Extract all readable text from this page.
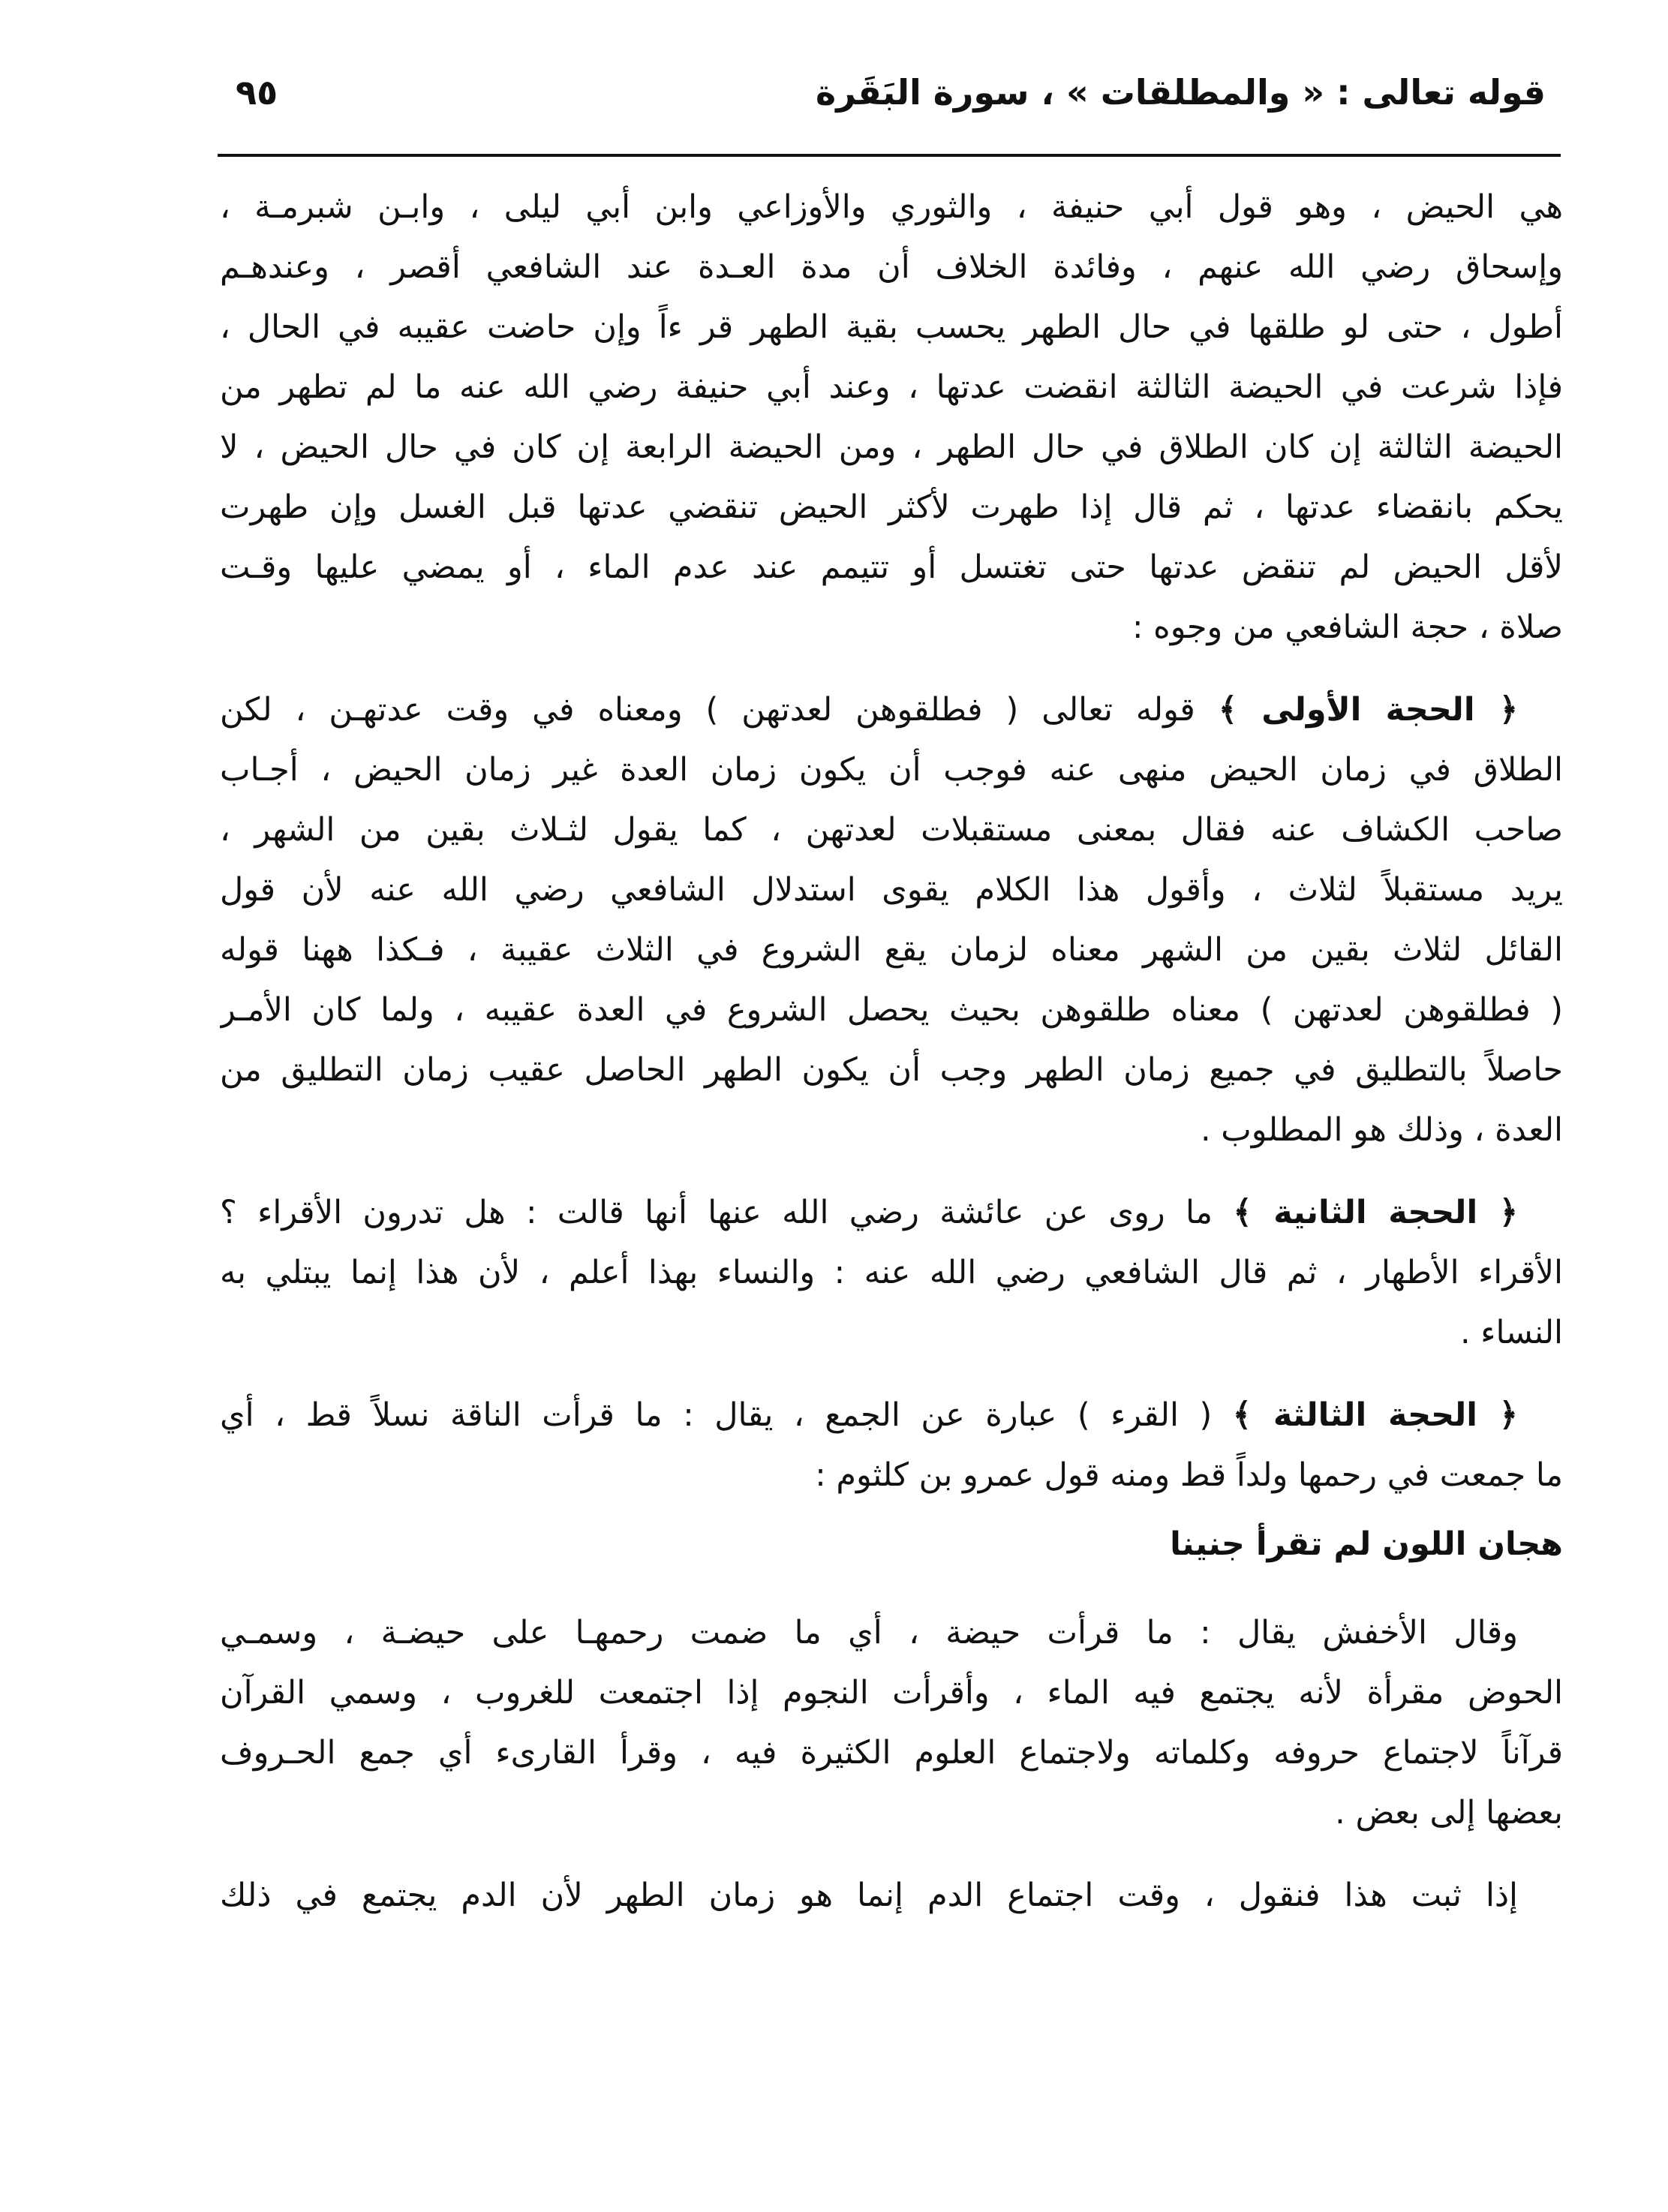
قوله تعالى : « والمطلقات » ، سورة البَقَرة
٩٥

هي الحيض ، وهو قول أبي حنيفة ، والثوري والأوزاعي وابن أبي ليلى ، وابـن شبرمـة ،
وإسحاق رضي الله عنهم ، وفائدة الخلاف أن مدة العـدة عند الشافعي أقصر ، وعندهـم
أطول ، حتى لو طلقها في حال الطهر يحسب بقية الطهر قر ءاً وإن حاضت عقيبه في الحال ،
فإذا شرعت في الحيضة الثالثة انقضت عدتها ، وعند أبي حنيفة رضي الله عنه ما لم تطهر من
الحيضة الثالثة إن كان الطلاق في حال الطهر ، ومن الحيضة الرابعة إن كان في حال الحيض ، لا
يحكم بانقضاء عدتها ، ثم قال إذا طهرت لأكثر الحيض تنقضي عدتها قبل الغسل وإن طهرت
لأقل الحيض لم تنقض عدتها حتى تغتسل أو تتيمم عند عدم الماء ، أو يمضي عليها وقـت
صلاة ، حجة الشافعي من وجوه :

﴿ الحجة الأولى ﴾ قوله تعالى ( فطلقوهن لعدتهن ) ومعناه في وقت عدتهـن ، لكن
الطلاق في زمان الحيض منهى عنه فوجب أن يكون زمان العدة غير زمان الحيض ، أجـاب
صاحب الكشاف عنه فقال بمعنى مستقبلات لعدتهن ، كما يقول لثـلاث بقين من الشهر ،
يريد مستقبلاً لثلاث ، وأقول هذا الكلام يقوى استدلال الشافعي رضي الله عنه لأن قول
القائل لثلاث بقين من الشهر معناه لزمان يقع الشروع في الثلاث عقيبة ، فـكذا ههنا قوله
( فطلقوهن لعدتهن ) معناه طلقوهن بحيث يحصل الشروع في العدة عقيبه ، ولما كان الأمـر
حاصلاً بالتطليق في جميع زمان الطهر وجب أن يكون الطهر الحاصل عقيب زمان التطليق من
العدة ، وذلك هو المطلوب .

﴿ الحجة الثانية ﴾ ما روى عن عائشة رضي الله عنها أنها قالت : هل تدرون الأقراء ؟
الأقراء الأطهار ، ثم قال الشافعي رضي الله عنه : والنساء بهذا أعلم ، لأن هذا إنما يبتلي به
النساء .

﴿ الحجة الثالثة ﴾ ( القرء ) عبارة عن الجمع ، يقال : ما قرأت الناقة نسلاً قط ، أي
ما جمعت في رحمها ولداً قط ومنه قول عمرو بن كلثوم :

هجان اللون لم تقرأ جنينا

وقال الأخفش يقال : ما قرأت حيضة ، أي ما ضمت رحمهـا على حيضـة ، وسمـي
الحوض مقرأة لأنه يجتمع فيه الماء ، وأقرأت النجوم إذا اجتمعت للغروب ، وسمي القرآن
قرآناً لاجتماع حروفه وكلماته ولاجتماع العلوم الكثيرة فيه ، وقرأ القارىء أي جمع الحـروف
بعضها إلى بعض .

إذا ثبت هذا فنقول ، وقت اجتماع الدم إنما هو زمان الطهر لأن الدم يجتمع في ذلك
